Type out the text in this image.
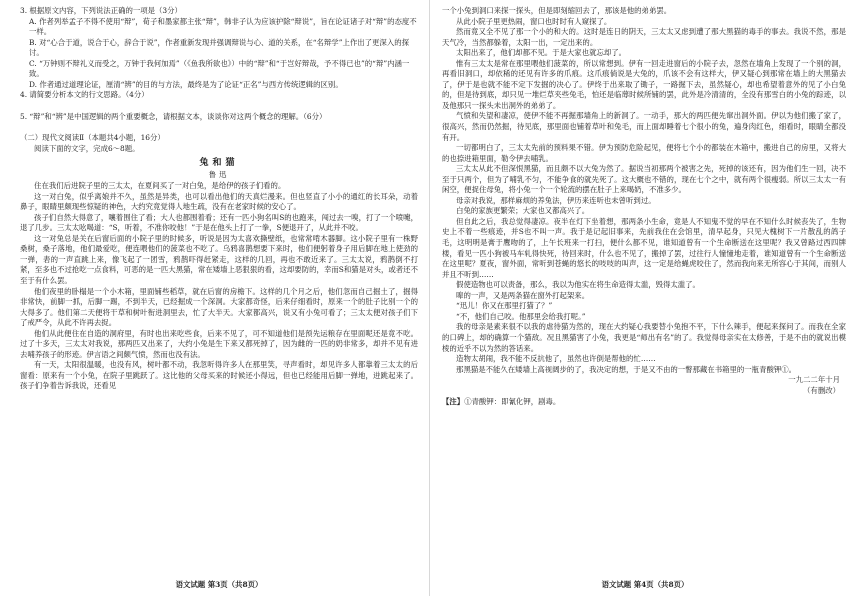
3. 根据原文内容，下列说法正确的一项是（3分）

A. 作者列举孟子不得不使用“辩”，荀子和墨家都主张“辩”，韩非子认为应该护除“辩说”，旨在论证诸子对“辩”的态度不一样。

B. 对“心合于道，说合于心，辞合于说”，作者重新发现并强调辩说与心、道的关系，在“名辩学”上作出了更深入的探讨。

C. “万钟则不辩礼义而受之，万钟于我何加焉”（《鱼我所欲也》）中的“辩”和“于岂好辩哉，予不得已也”的“辩”内涵一致。

D. 作者通过道理论证，厘清“辨”的目的与方法，最终是为了论证“正名”与西方传统逻辑的区别。

4. 请简要分析本文的行文思路。（4分）

5. “辩”和“辨”是中国逻辑的两个重要概念，请根据文本，谈谈你对这两个概念的理解。（6分）

（二）现代文阅读Ⅱ（本题共4小题，16分）

阅读下面的文字，完成6～8题。

兔和猫

鲁迅

住在我们后进院子里的三太太，在夏间买了一对白兔，是给伊的孩子们看的。

这一对白兔，似乎离娘并不久，虽然是异类，也可以看出他们的天真烂漫来。但也竖直了小小的通红的长耳朵，动着鼻子，眼睛里颇现些惊疑的神色，大约究竟觉得人地生疏，没有在老家时候的安心了。

孩子们自然大得意了，嚷着围住了看；大人也都围着看；还有一匹小狗名叫S的也跑来，闯过去一嗅，打了一个喷嚏，退了几步。三太太吆喝道：“S，听着，不准你咬他！”于是在他头上打了一拳，S便退开了，从此并不咬。

这一对兔总是关在后窗后面的小院子里的时候多，听说是因为太喜欢撕壁纸，也常常啃木器脚。这小院子里有一株野桑树，桑子落地，他们最爱吃，便连喂他们的菠菜也不吃了。乌鸦喜鹊想要下来时，他们便躬着身子用后脚在地上使劲的一弹，砉的一声直跳上来，像飞起了一团雪，鸦鹊吓得赶紧走，这样的几回，再也不敢近来了。三太太说，鸦鹊倒不打紧，至多也不过抢吃一点食料，可恶的是一匹大黑猫，常在矮墙上恶狠狠的看，这却要防的，幸而S和猫是对头，或者还不至于有什么罢。

他们夜里的卧榻是一个小木箱，里面铺些稻草，就在后窗的房檐下。这样的几个月之后，他们忽而自己掘土了，掘得非常快，前脚一抓，后脚一踢，不到半天，已经掘成一个深洞。大家都奇怪，后来仔细看时，原来一个的肚子比别一个的大得多了。他们第二天便将干草和树叶衔进洞里去，忙了大半天。大家都高兴，说又有小兔可看了；三太太便对孩子们下了戒严令，从此不许再去捉。

他们从此便住在自造的洞府里，有时也出来吃些食，后来不见了，可不知道他们是预先运粮存在里面呢还是竟不吃。过了十多天，三太太对我说，那两匹又出来了，大约小兔是生下来又都死掉了，因为雌的一匹的奶非常多，却并不见有进去哺养孩子的形迹。伊言语之间颇气愤，然而也没有法。

有一天，太阳很温暖，也没有风，树叶都不动，我忽听得许多人在那里笑，寻声看时，却见许多人都靠着三太太的后窗看：原来有一个小兔，在院子里跳跃了。这比他的父母买来的时候还小得远，但也已经能用后脚一弹地，迸跳起来了。孩子们争着告诉我说，还看见

语文试题 第3页（共8页）

一个小兔到洞口来探一探头，但是即刻缩回去了，那该是他的弟弟罢。

从此小院子里更热闹，窗口也时时有人窥探了。

然而竟又全不见了那一个小的和大的。这时是连日的阴天，三太太又虑到遭了那大黑猫的毒手的事去。我说不然，那是天气冷，当然都躲着，太阳一出，一定出来的。

太阳出来了，他们却都不见。于是大家也就忘却了。

惟有三太太是常在那里喂他们菠菜的，所以常想到。伊有一回走进窗后的小院子去，忽然在墙角上发现了一个别的洞，再看旧洞口，却依稀的还见有许多的爪痕。这爪痕倘说是大兔的，爪该不会有这样大，伊又疑心到那常在墙上的大黑猫去了，伊于是也就不能不定下发掘的决心了。伊终于出来取了锄子，一路掘下去，虽然疑心，却也希望着意外的见了小白兔的，但是待到底，却只见一堆烂草夹些兔毛，怕还是临蓐时候所铺的罢，此外是冷清清的，全没有那雪白的小兔的踪迹，以及他那只一探头未出洞外的弟弟了。

气愤和失望和凄凉，使伊不能不再掘那墙角上的新洞了。一动手，那大的两匹便先窜出洞外面。伊以为他们搬了家了，很高兴，然而仍然掘，待见底，那里面也铺着草叶和兔毛，而上面却睡着七个很小的兔，遍身肉红色，细看时，眼睛全都没有开。

一切都明白了，三太太先前的预料果不错。伊为预防危险起见，便将七个小的都装在木箱中，搬进自己的房里，又将大的也捺进箱里面，勒令伊去哺乳。

三太太从此不但深恨黑猫，而且颇不以大兔为然了。据说当初那两个被害之先，死掉的该还有，因为他们生一回，决不至于只两个，但为了哺乳不匀，不能争食的就先死了。这大概也不错的，现在七个之中，就有两个很瘦弱。所以三太太一有闲空，便捉住母兔，将小兔一个一个轮流的摆在肚子上来喝奶，不准多少。

母亲对我说，那样麻烦的养兔法，伊历来连听也未曾听到过。

白兔的家族更繁荣；大家也又都高兴了。

但自此之后，我总觉得凄凉。夜半在灯下坐着想，那两条小生命，竟是人不知鬼不觉的早在不知什么时候丧失了，生物史上不着一些痕迹，并S也不叫一声。我于是记起旧事来，先前我住在会馆里，清早起身，只见大槐树下一片散乱的鸽子毛，这明明是膏于鹰吻的了，上午长班来一打扫，便什么都不见，谁知道曾有一个生命断送在这里呢？我又曾路过西四牌楼，看见一匹小狗被马车轧得快死，待回来时，什么也不见了，搬掉了罢，过往行人憧憧地走着，谁知道曾有一个生命断送在这里呢？夏夜，窗外面，常听到苍蝇的悠长的吱吱的叫声，这一定是给蝇虎咬住了，然而我向来无所容心于其间，而别人并且不听到……

假使造物也可以责备，那么，我以为他实在将生命造得太滥，毁得太滥了。

嗥的一声，又是两条猫在窗外打起架来。

“迅儿！你又在那里打猫了？”

“不，他们自己咬。他那里会给我打呢。”

我的母亲是素来很不以我的虐待猫为然的，现在大约疑心我要替小兔抱不平，下什么辣手，便起来探问了。而我在全家的口碑上，却的确算一个猫敌。况且黑猫害了小兔，我更是“师出有名”的了。我觉得母亲实在太修善，于是不由的就说出模棱的近乎不以为然的答话来。

造物太胡闹，我不能不反抗他了，虽然也许倒是帮他的忙……

那黑猫是不能久在矮墙上高视阔步的了，我决定的想，于是又不由的一瞥那藏在书箱里的一瓶青酸钾①。

一九二二年十月

（有删改）

【注】①青酸钾：即氰化钾，剧毒。

语文试题 第4页（共8页）
